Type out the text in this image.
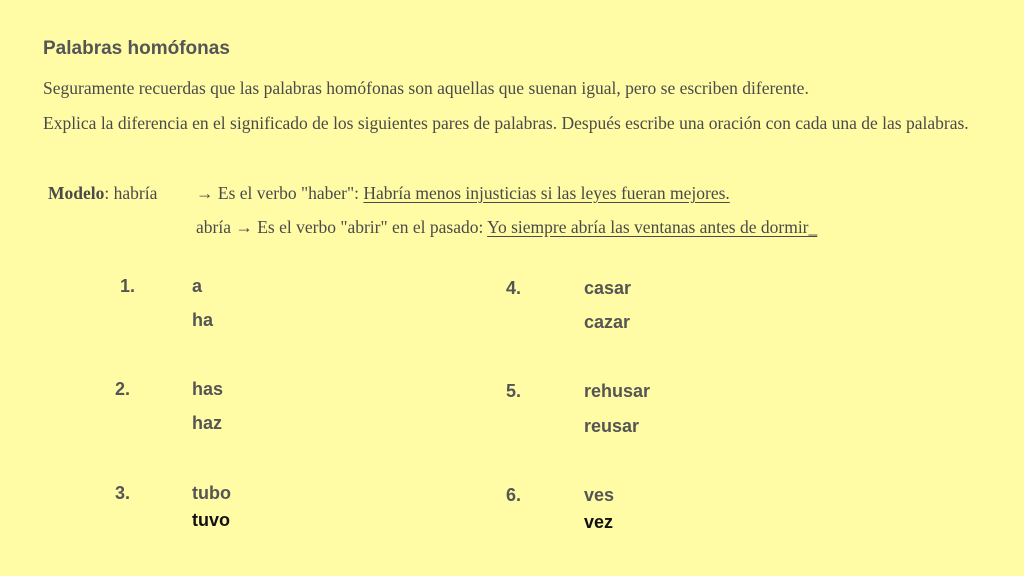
Palabras homófonas

Seguramente recuerdas que las palabras homófonas son aquellas que suenan igual, pero se escriben diferente.

Explica la diferencia en el significado de los siguientes pares de palabras. Después escribe una oración con cada una de las palabras.

Modelo: habría → Es el verbo "haber": Habría menos injusticias si las leyes fueran mejores.
abría → Es el verbo "abrir" en el pasado: Yo siempre abría las ventanas antes de dormir_
1.	a
ha
2.	has
haz
3.	tubo
tuvo
4.	casar
cazar
5.	rehusar
reusar
6.	ves
vez
